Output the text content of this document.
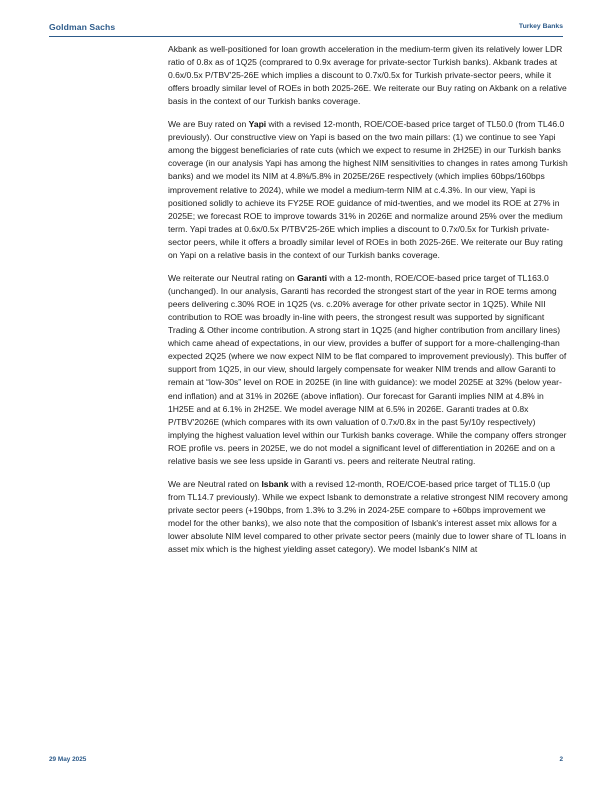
Goldman Sachs	Turkey Banks

Akbank as well-positioned for loan growth acceleration in the medium-term given its relatively lower LDR ratio of 0.8x as of 1Q25 (comprared to 0.9x average for private-sector Turkish banks). Akbank trades at 0.6x/0.5x P/TBV'25-26E which implies a discount to 0.7x/0.5x for Turkish private-sector peers, while it offers broadly similar level of ROEs in both 2025-26E. We reiterate our Buy rating on Akbank on a relative basis in the context of our Turkish banks coverage.

We are Buy rated on Yapi with a revised 12-month, ROE/COE-based price target of TL50.0 (from TL46.0 previously). Our constructive view on Yapi is based on the two main pillars: (1) we continue to see Yapi among the biggest beneficiaries of rate cuts (which we expect to resume in 2H25E) in our Turkish banks coverage (in our analysis Yapi has among the highest NIM sensitivities to changes in rates among Turkish banks) and we model its NIM at 4.8%/5.8% in 2025E/26E respectively (which implies 60bps/160bps improvement relative to 2024), while we model a medium-term NIM at c.4.3%. In our view, Yapi is positioned solidly to achieve its FY25E ROE guidance of mid-twenties, and we model its ROE at 27% in 2025E; we forecast ROE to improve towards 31% in 2026E and normalize around 25% over the medium term. Yapi trades at 0.6x/0.5x P/TBV'25-26E which implies a discount to 0.7x/0.5x for Turkish private-sector peers, while it offers a broadly similar level of ROEs in both 2025-26E. We reiterate our Buy rating on Yapi on a relative basis in the context of our Turkish banks coverage.

We reiterate our Neutral rating on Garanti with a 12-month, ROE/COE-based price target of TL163.0 (unchanged). In our analysis, Garanti has recorded the strongest start of the year in ROE terms among peers delivering c.30% ROE in 1Q25 (vs. c.20% average for other private sector in 1Q25). While NII contribution to ROE was broadly in-line with peers, the strongest result was supported by significant Trading & Other income contribution. A strong start in 1Q25 (and higher contribution from ancillary lines) which came ahead of expectations, in our view, provides a buffer of support for a more-challenging-than expected 2Q25 (where we now expect NIM to be flat compared to improvement previously). This buffer of support from 1Q25, in our view, should largely compensate for weaker NIM trends and allow Garanti to remain at “low-30s” level on ROE in 2025E (in line with guidance): we model 2025E at 32% (below year-end inflation) and at 31% in 2026E (above inflation). Our forecast for Garanti implies NIM at 4.8% in 1H25E and at 6.1% in 2H25E. We model average NIM at 6.5% in 2026E. Garanti trades at 0.8x P/TBV'2026E (which compares with its own valuation of 0.7x/0.8x in the past 5y/10y respectively) implying the highest valuation level within our Turkish banks coverage. While the company offers stronger ROE profile vs. peers in 2025E, we do not model a significant level of differentiation in 2026E and on a relative basis we see less upside in Garanti vs. peers and reiterate Neutral rating.

We are Neutral rated on Isbank with a revised 12-month, ROE/COE-based price target of TL15.0 (up from TL14.7 previously). While we expect Isbank to demonstrate a relative strongest NIM recovery among private sector peers (+190bps, from 1.3% to 3.2% in 2024-25E compare to +60bps improvement we model for the other banks), we also note that the composition of Isbank's interest asset mix allows for a lower absolute NIM level compared to other private sector peers (mainly due to lower share of TL loans in asset mix which is the highest yielding asset category). We model Isbank's NIM at

29 May 2025	2
